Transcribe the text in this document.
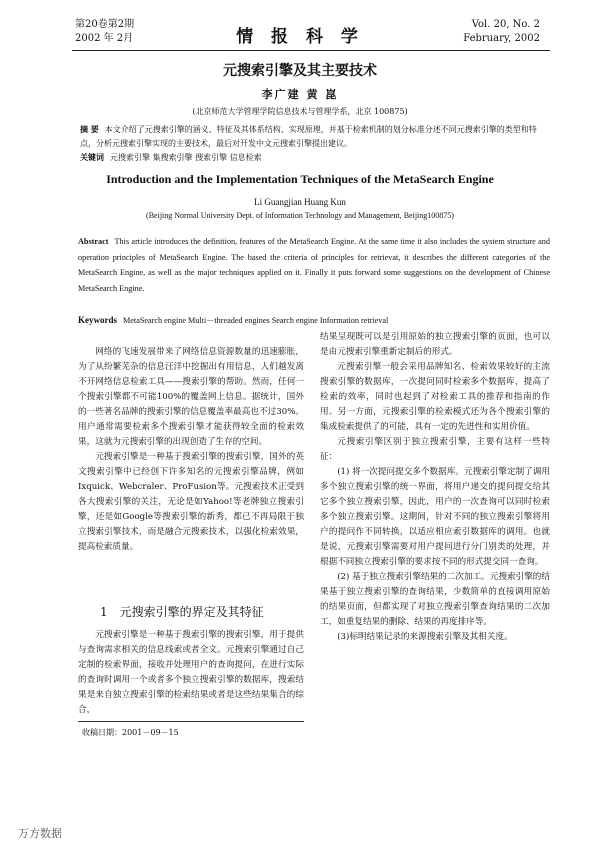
第20卷第2期
2002 年 2月	情 报 科 学
Vol. 20, No. 2
February, 2002
元搜索引擎及其主要技术
李广建 黄 崑
(北京师范大学管理学院信息技术与管理学系，北京 100875)
摘 要 本文介绍了元搜索引擎的涵义、特征及其体系结构、实现原理，并基于检索机制的划分标准分述不同元搜索引擎的类型和特点，分析元搜索引擎实现的主要技术，最后对开发中文元搜索引擎提出建议。
关键词 元搜索引擎 集搜索引擎 搜索引擎 信息检索
Introduction and the Implementation Techniques of the MetaSearch Engine
Li Guangjian Huang Kun
(Beijing Normal University Dept. of Information Technology and Management, Beijing100875)
Abstract This article introduces the definition, features of the MetaSearch Engine. At the same time it also includes the system structure and operation principles of MetaSearch Engine. The based the criteria of principles for retrievat, it describes the different categories of the MetaSearch Engine, as well as the major techniques applied on it. Finally it puts forward some suggestions on the development of Chinese MetaSearch Engine.
Keywords MetaSearch engine Multi－threaded engines Search engine Information retrieval

网络的飞速发展带来了网络信息资源数量的迅速膨胀，为了从纷繁芜杂的信息汪洋中挖掘出有用信息，人们越发离不开网络信息检索工具——搜索引擎的帮助。然而，任何一个搜索引擎都不可能100%的覆盖网上信息。据统计，国外的一些著名品牌的搜索引擎的信息覆盖率最高也不过30%。用户通常需要检索多个搜索引擎才能获得较全面的检索效果，这就为元搜索引擎的出现创造了生存的空间。

元搜索引擎是一种基于搜索引擎的搜索引擎，国外的英文搜索引擎中已经创下许多知名的元搜索引擎品牌，例如Ixquick、Webcraler、ProFusion等。元搜索技术正受到各大搜索引擎的关注，无论是如Yahoo!等老牌独立搜索引擎，还是如Google等搜索引擎的新秀，都已不再局限于独立搜索引擎技术，而是融合元搜索技术，以强化检索效果，提高检索质量。

1 元搜索引擎的界定及其特征

元搜索引擎是一种基于搜索引擎的搜索引擎，用于提供与查询需求相关的信息线索或者全文。元搜索引擎通过自己定制的检索界面，接收并处理用户的查询提问，在进行实际的查询时调用一个或者多个独立搜索引擎的数据库，搜索结果是来自独立搜索引擎的检索结果或者是这些结果集合的综合，

结果呈现既可以是引用原始的独立搜索引擎的页面，也可以是由元搜索引擎重新定制后的形式。

元搜索引擎一般会采用品牌知名、检索效果较好的主流搜索引擎的数据库，一次提问同时检索多个数据库，提高了检索的效率，同时也起到了对检索工具的推荐和指南的作用。另一方面，元搜索引擎的检索模式还为各个搜索引擎的集成检索提供了的可能，具有一定的先进性和实用价值。

元搜索引擎区别于独立搜索引擎，主要有这样一些特征：

(1) 将一次提问提交多个数据库。元搜索引擎定制了调用多个独立搜索引擎的统一界面，将用户递交的提问提交给其它多个独立搜索引擎，因此，用户的一次查询可以同时检索多个独立搜索引擎。这期间，针对不同的独立搜索引擎将用户的提问作不同转换，以适应相应索引数据库的调用。也就是说，元搜索引擎需要对用户提问进行分门别类的处理，并根据不同独立搜索引擎的要求按不同的形式提交同一查询。

(2) 基于独立搜索引擎结果的二次加工。元搜索引擎的结果基于独立搜索引擎的查询结果，少数简单的直接调用原始的结果页面，但都实现了对独立搜索引擎查询结果的二次加工，如重复结果的删除、结果的再度排序等。

(3)标明结果记录的来源搜索引擎及其相关度。

收稿日期：2001－09－15
万方数据
